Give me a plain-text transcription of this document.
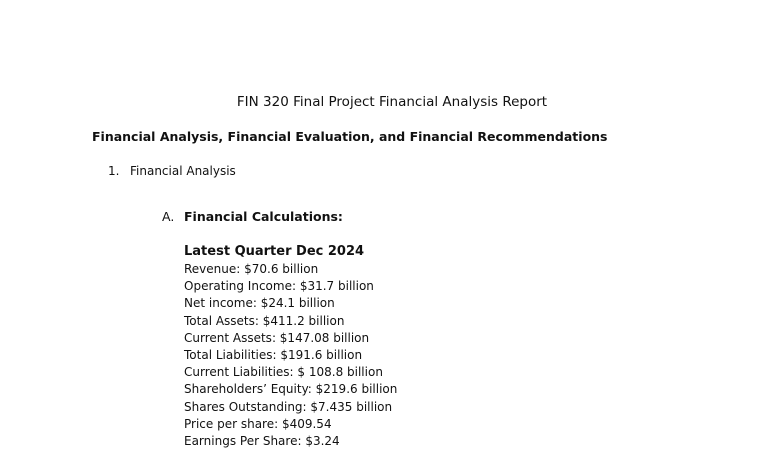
FIN 320 Final Project Financial Analysis Report
Financial Analysis, Financial Evaluation, and Financial Recommendations
1. Financial Analysis
A. Financial Calculations:
Latest Quarter Dec 2024
Revenue: $70.6 billion
Operating Income: $31.7 billion
Net income: $24.1 billion
Total Assets: $411.2 billion
Current Assets: $147.08 billion
Total Liabilities: $191.6 billion
Current Liabilities: $ 108.8 billion
Shareholders’ Equity: $219.6 billion
Shares Outstanding: $7.435 billion
Price per share: $409.54
Earnings Per Share: $3.24
